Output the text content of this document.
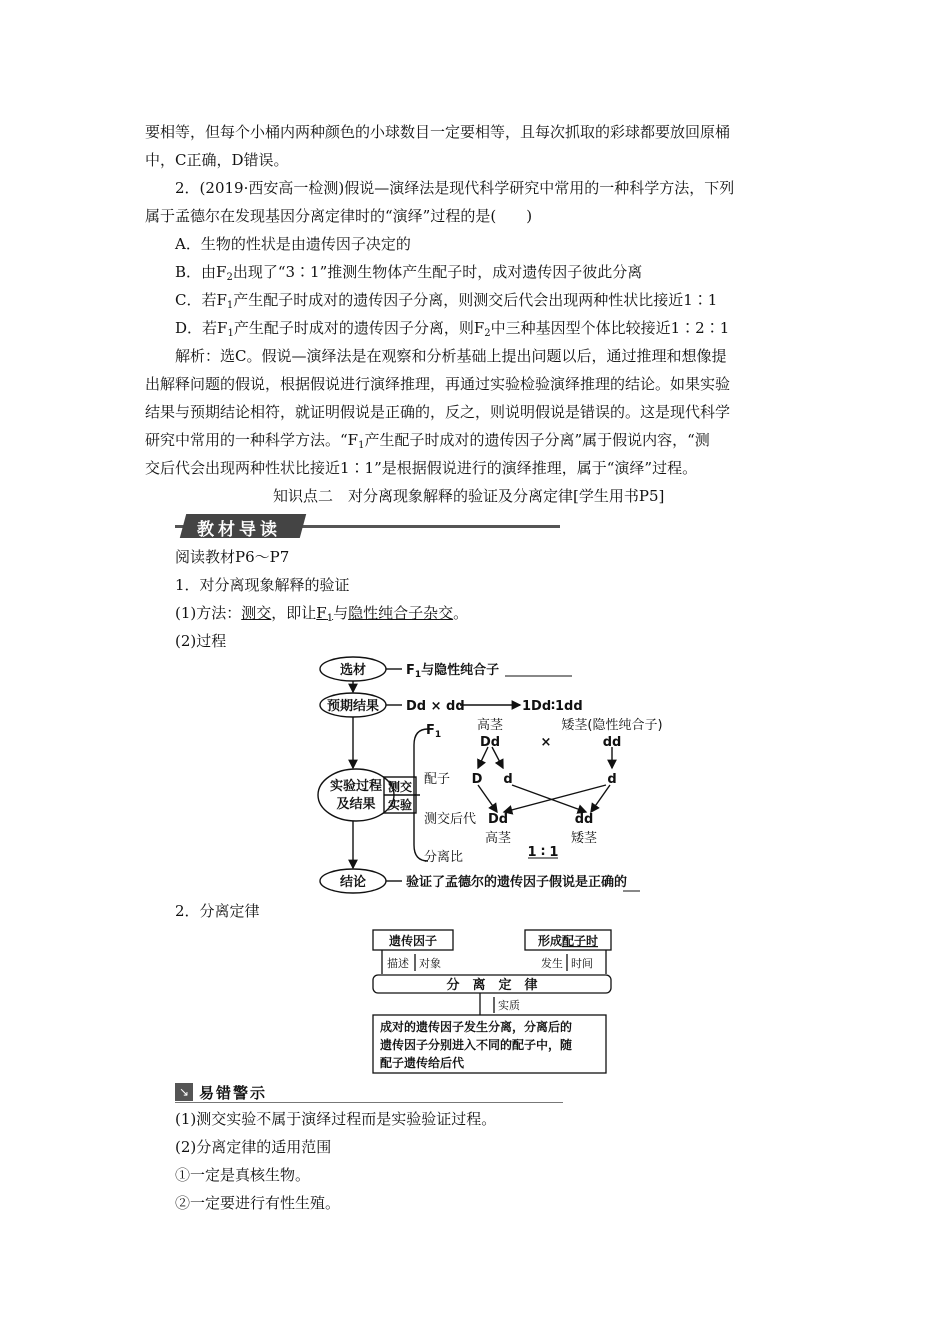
要相等，但每个小桶内两种颜色的小球数目一定要相等，且每次抓取的彩球都要放回原桶
中，C正确，D错误。
2．(2019·西安高一检测)假说—演绎法是现代科学研究中常用的一种科学方法，下列
属于孟德尔在发现基因分离定律时的“演绎”过程的是(　　)
A．生物的性状是由遗传因子决定的
B．由$F_2$出现了“3∶1”推测生物体产生配子时，成对遗传因子彼此分离
C．若$F_1$产生配子时成对的遗传因子分离，则测交后代会出现两种性状比接近1∶1
D．若$F_1$产生配子时成对的遗传因子分离，则$F_2$中三种基因型个体比较接近1∶2∶1
解析：选C。假说—演绎法是在观察和分析基础上提出问题以后，通过推理和想像提
出解释问题的假说，根据假说进行演绎推理，再通过实验检验演绎推理的结论。如果实验
结果与预期结论相符，就证明假说是正确的，反之，则说明假说是错误的。这是现代科学
研究中常用的一种科学方法。“$F_1$产生配子时成对的遗传因子分离”属于假说内容，“测
交后代会出现两种性状比接近1∶1”是根据假说进行的演绎推理，属于“演绎”过程。
知识点二　对分离现象解释的验证及分离定律[学生用书P5]
教材导读
阅读教材P6～P7
1．对分离现象解释的验证
(1)方法：测交，即让$F_1$与隐性纯合子杂交。
(2)过程
选材
预期结果
实验过程
及结果
测交
实验
结论
$F_1$与隐性纯合子
Dd × dd	1Dd∶1dd
$F_1$
高茎	矮茎(隐性纯合子)
Dd	×	dd
配子 D d	d
测交后代 Dd	dd
高茎	矮茎
分离比	1 ∶ 1
验证了孟德尔的遗传因子假说是正确的
2．分离定律
遗传因子	形成配子时
描述 对象	发生 时间
分　离　定　律
实质
成对的遗传因子发生分离，分离后的
遗传因子分别进入不同的配子中，随
配子遗传给后代
↘ 易错警示
(1)测交实验不属于演绎过程而是实验验证过程。
(2)分离定律的适用范围
①一定是真核生物。
②一定要进行有性生殖。
